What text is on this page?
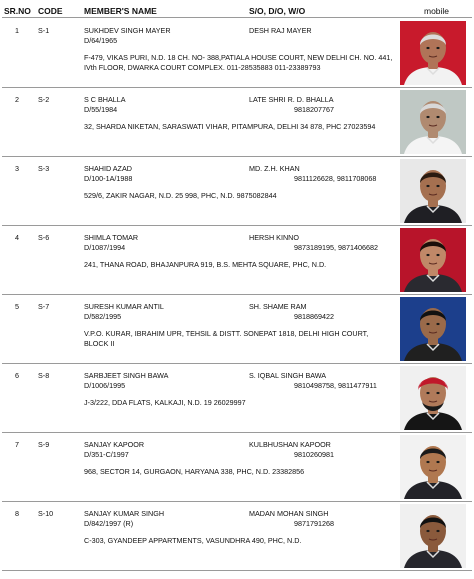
SR.NO CODE	MEMBER'S NAME	S/O, D/O, W/O	mobile
1	S-1	SUKHDEV SINGH MAYER	DESH RAJ MAYER
D/64/1965
F-479, VIKAS PURI, N.D. 18 CH. NO- 388,PATIALA HOUSE COURT, NEW DELHI CH. NO. 441, IVth FLOOR, DWARKA COURT COMPLEX. 011-28535883 011-23389793
2	S-2	S C BHALLA	LATE SHRI R. D. BHALLA
D/55/1984	9818207767
32, SHARDA NIKETAN, SARASWATI VIHAR, PITAMPURA, DELHI 34 878, PHC 27023594
3	S-3	SHAHID AZAD	MD. Z.H. KHAN
D/100-1A/1988	9811126628, 9811708068
529/6, ZAKIR NAGAR, N.D. 25 998, PHC, N.D. 9875082844
4	S-6	SHIMLA TOMAR	HERSH KINNO
D/1087/1994	9873189195, 9871406682
241, THANA ROAD, BHAJANPURA 919, B.S. MEHTA SQUARE, PHC, N.D.
5	S-7	SURESH KUMAR ANTIL	SH. SHAME RAM
D/582/1995	9818869422
V.P.O. KURAR, IBRAHIM UPR, TEHSIL & DISTT. SONEPAT 1818, DELHI HIGH COURT, BLOCK II
6	S-8	SARBJEET SINGH BAWA	S. IQBAL SINGH BAWA
D/1006/1995	9810498758, 9811477911
J-3/222, DDA FLATS, KALKAJI, N.D. 19 26029997
7	S-9	SANJAY KAPOOR	KULBHUSHAN KAPOOR
D/351-C/1997	9810260981
968, SECTOR 14, GURGAON, HARYANA 338, PHC, N.D. 23382856
8	S-10	SANJAY KUMAR SINGH	MADAN MOHAN SINGH
D/842/1997 (R)	9871791268
C-303, GYANDEEP APPARTMENTS, VASUNDHRA 490, PHC, N.D.
